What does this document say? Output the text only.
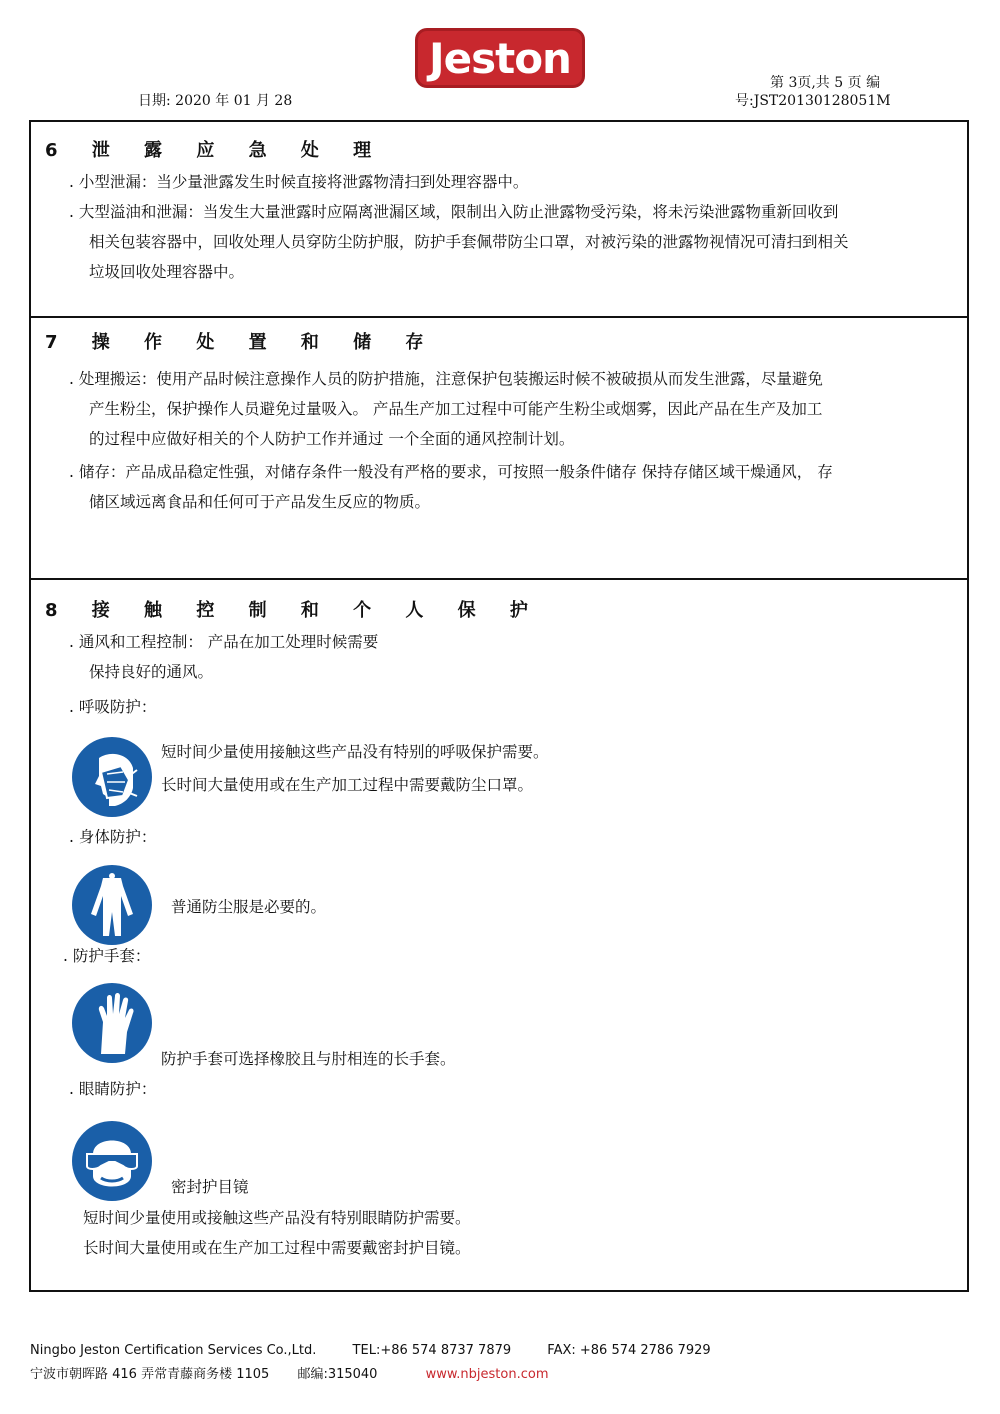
Jeston
日期: 2020 年 01 月 28
第 3页,共 5 页 编
号:JST20130128051M
6 泄 露 应 急 处 理
. 小型泄漏：当少量泄露发生时候直接将泄露物清扫到处理容器中。
. 大型溢油和泄漏：当发生大量泄露时应隔离泄漏区域，限制出入防止泄露物受污染，将未污染泄露物重新回收到
相关包装容器中，回收处理人员穿防尘防护服，防护手套佩带防尘口罩，对被污染的泄露物视情况可清扫到相关
垃圾回收处理容器中。
7 操 作 处 置 和 储 存
. 处理搬运：使用产品时候注意操作人员的防护措施，注意保护包装搬运时候不被破损从而发生泄露，尽量避免
产生粉尘，保护操作人员避免过量吸入。 产品生产加工过程中可能产生粉尘或烟雾，因此产品在生产及加工
的过程中应做好相关的个人防护工作并通过 一个全面的通风控制计划。
. 储存：产品成品稳定性强，对储存条件一般没有严格的要求，可按照一般条件储存 保持存储区域干燥通风， 存
储区域远离食品和任何可于产品发生反应的物质。
8 接 触 控 制 和 个 人 保 护
. 通风和工程控制： 产品在加工处理时候需要
保持良好的通风。
. 呼吸防护：
短时间少量使用接触这些产品没有特别的呼吸保护需要。
长时间大量使用或在生产加工过程中需要戴防尘口罩。
. 身体防护：
普通防尘服是必要的。
. 防护手套：
防护手套可选择橡胶且与肘相连的长手套。
. 眼睛防护：
密封护目镜
短时间少量使用或接触这些产品没有特别眼睛防护需要。
长时间大量使用或在生产加工过程中需要戴密封护目镜。
Ningbo Jeston Certification Services Co.,Ltd.	TEL:+86 574 8737 7879	FAX: +86 574 2786 7929
宁波市朝晖路 416 弄常青藤商务楼 1105 邮编:315040	www.nbjeston.com
